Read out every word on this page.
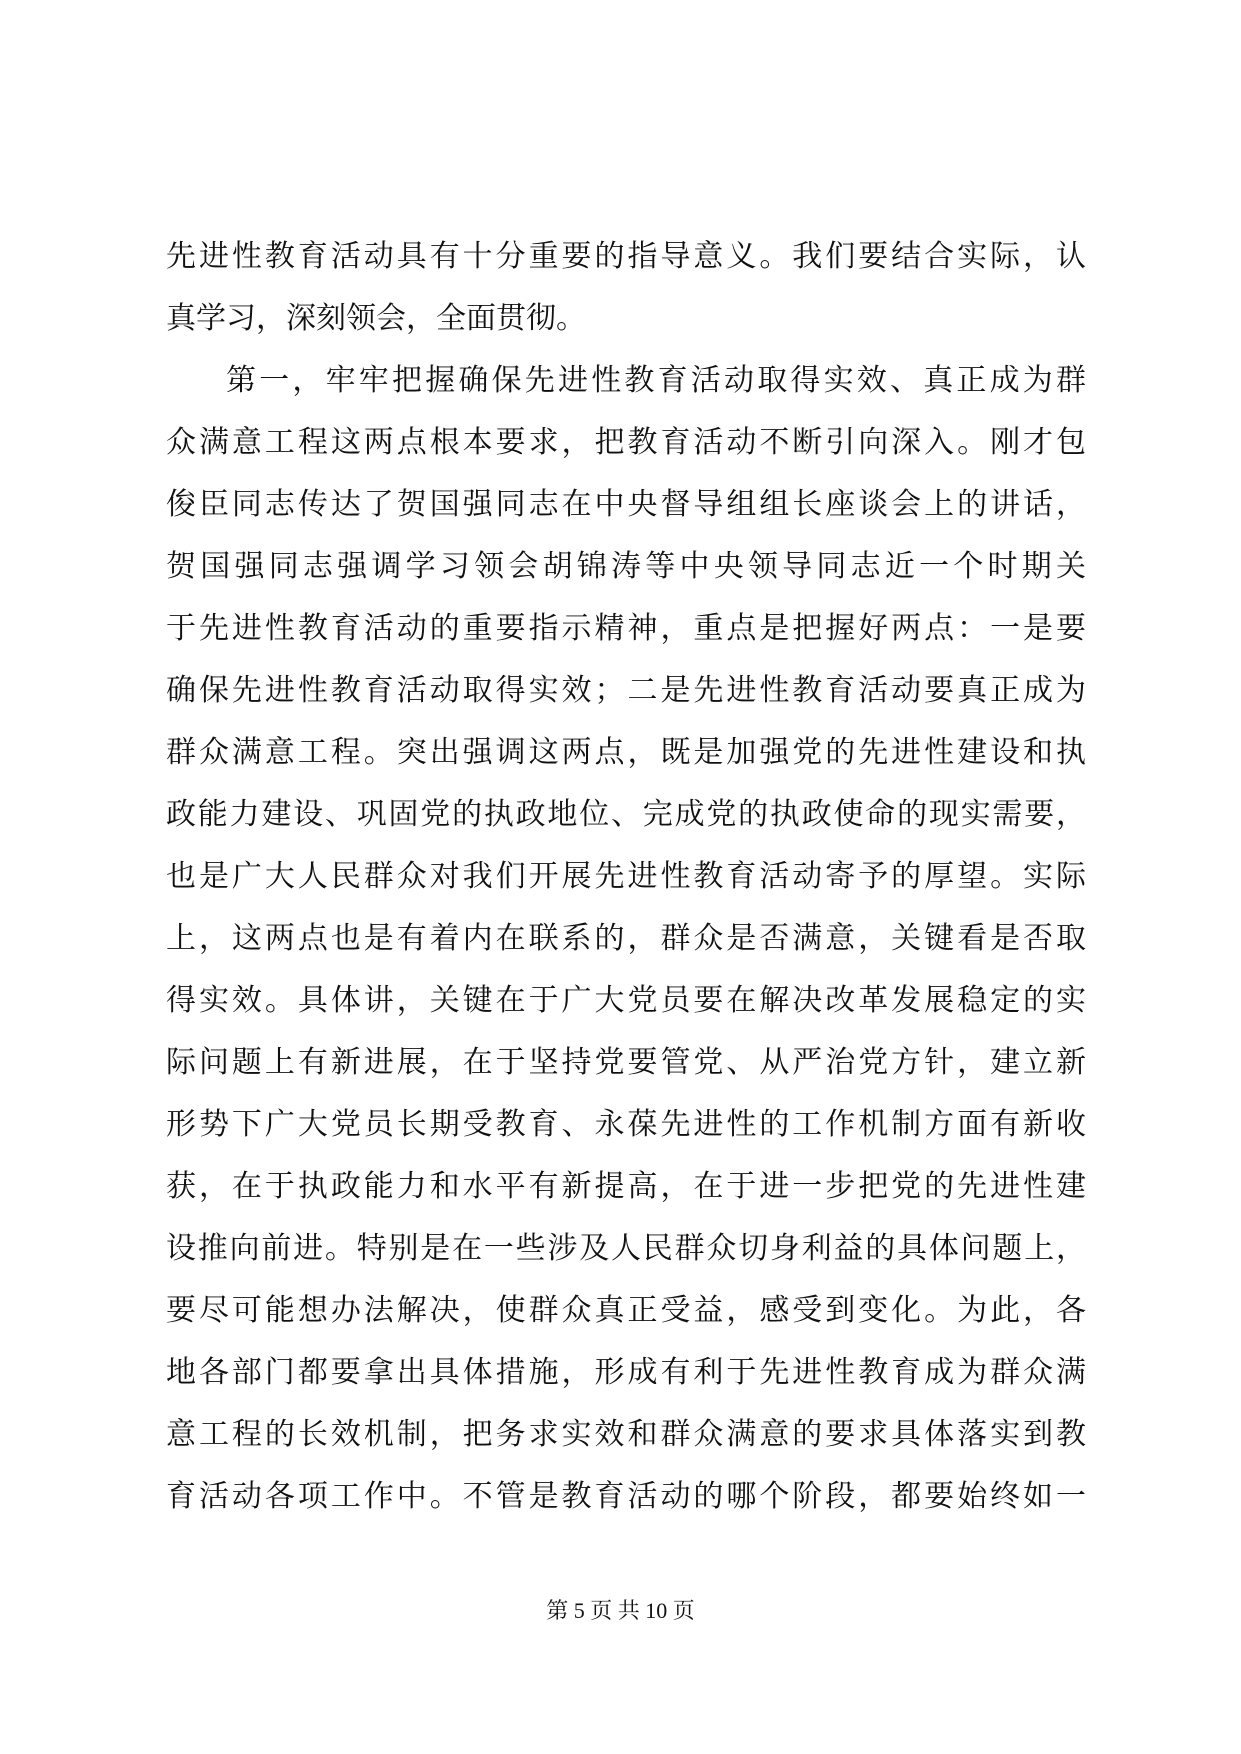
先进性教育活动具有十分重要的指导意义。我们要结合实际，认
真学习，深刻领会，全面贯彻。
第一，牢牢把握确保先进性教育活动取得实效、真正成为群
众满意工程这两点根本要求，把教育活动不断引向深入。刚才包
俊臣同志传达了贺国强同志在中央督导组组长座谈会上的讲话，
贺国强同志强调学习领会胡锦涛等中央领导同志近一个时期关
于先进性教育活动的重要指示精神，重点是把握好两点：一是要
确保先进性教育活动取得实效；二是先进性教育活动要真正成为
群众满意工程。突出强调这两点，既是加强党的先进性建设和执
政能力建设、巩固党的执政地位、完成党的执政使命的现实需要，
也是广大人民群众对我们开展先进性教育活动寄予的厚望。实际
上，这两点也是有着内在联系的，群众是否满意，关键看是否取
得实效。具体讲，关键在于广大党员要在解决改革发展稳定的实
际问题上有新进展，在于坚持党要管党、从严治党方针，建立新
形势下广大党员长期受教育、永葆先进性的工作机制方面有新收
获，在于执政能力和水平有新提高，在于进一步把党的先进性建
设推向前进。特别是在一些涉及人民群众切身利益的具体问题上，
要尽可能想办法解决，使群众真正受益，感受到变化。为此，各
地各部门都要拿出具体措施，形成有利于先进性教育成为群众满
意工程的长效机制，把务求实效和群众满意的要求具体落实到教
育活动各项工作中。不管是教育活动的哪个阶段，都要始终如一
第 5 页 共 10 页
